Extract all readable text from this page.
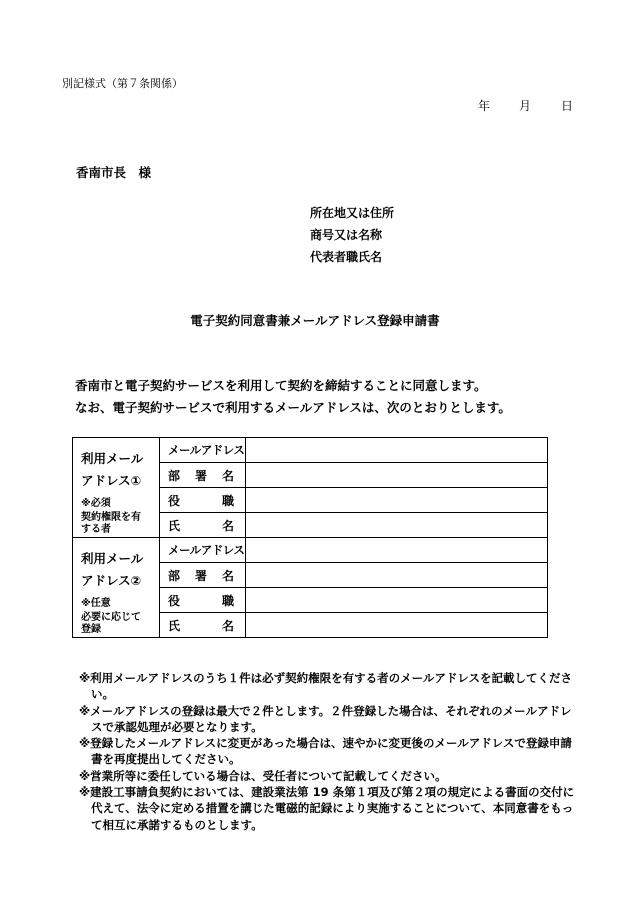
別記様式（第７条関係）
年 月 日
香南市長　様
所在地又は住所
商号又は名称
代表者職氏名
電子契約同意書兼メールアドレス登録申請書
香南市と電子契約サービスを利用して契約を締結することに同意します。
なお、電子契約サービスで利用するメールアドレスは、次のとおりとします。
利用メール
アドレス①
※必須
契約権限を有
する者	メールアドレス	

	部 署 名	

	役 職	

	氏 名	

利用メール
アドレス②
※任意
必要に応じて
登録	メールアドレス	

	部 署 名	

	役 職	

	氏 名	

※利用メールアドレスのうち１件は必ず契約権限を有する者のメールアドレスを記載してください。

※メールアドレスの登録は最大で２件とします。２件登録した場合は、それぞれのメールアドレスで承認処理が必要となります。

※登録したメールアドレスに変更があった場合は、速やかに変更後のメールアドレスで登録申請書を再度提出してください。

※営業所等に委任している場合は、受任者について記載してください。

※建設工事請負契約においては、建設業法第 19 条第１項及び第２項の規定による書面の交付に代えて、法令に定める措置を講じた電磁的記録により実施することについて、本同意書をもって相互に承諾するものとします。
